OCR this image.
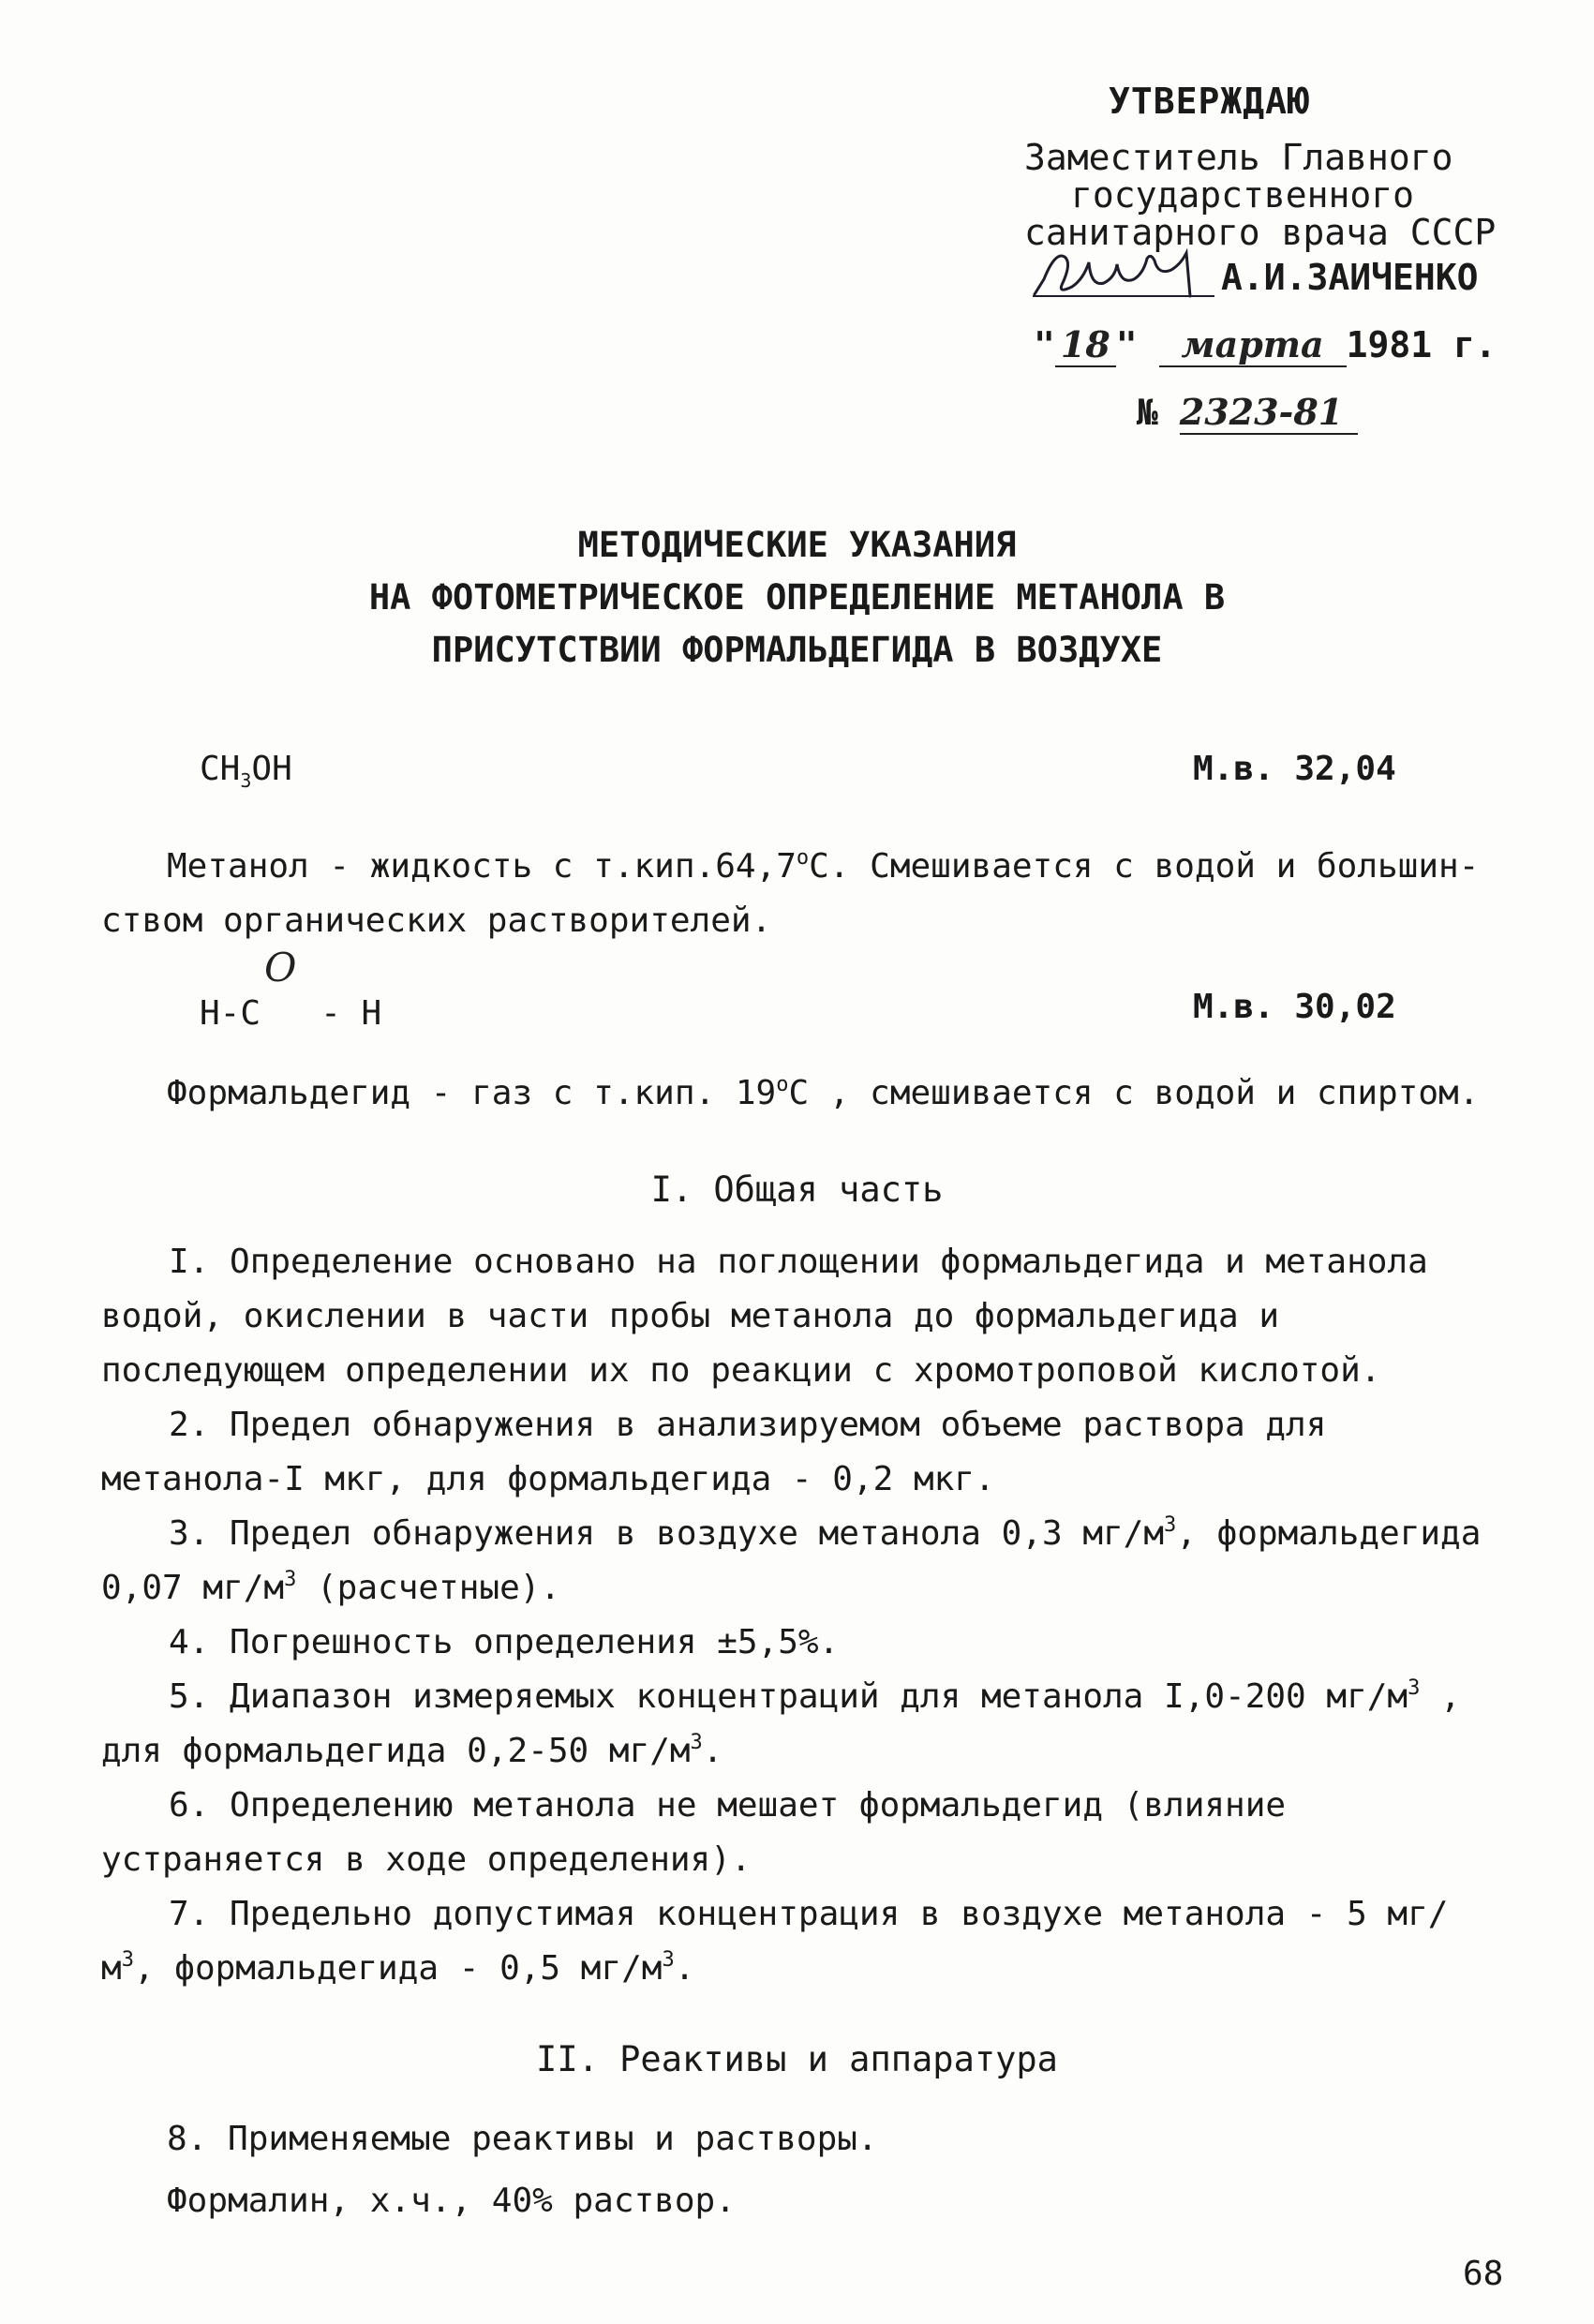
УТВЕРЖДАЮ
Заместитель Главного
государственного
санитарного врача СССР
А.И.ЗАИЧЕНКО
" 18 " марта 1981 г.
№ 2323-81
МЕТОДИЧЕСКИЕ УКАЗАНИЯ
НА ФОТОМЕТРИЧЕСКОЕ ОПРЕДЕЛЕНИЕ МЕТАНОЛА В
ПРИСУТСТВИИ ФОРМАЛЬДЕГИДА В ВОЗДУХЕ
$CH_3OH$	М.в. 32,04
Метанол - жидкость с т.кип.64,7$^o$С. Смешивается с водой и большин-
ством органических растворителей.
H-CO - H	М.в. 30,02
Формальдегид - газ с т.кип. 19$^o$С , смешивается с водой и спиртом.
I. Общая часть
I. Определение основано на поглощении формальдегида и метанола водой, окислении в части пробы метанола до формальдегида и последующем определении их по реакции с хромотроповой кислотой.
2. Предел обнаружения в анализируемом объеме раствора для метанола-I мкг, для формальдегида - 0,2 мкг.
3. Предел обнаружения в воздухе метанола 0,3 $мг/м^3$, формальдегида 0,07 $мг/м^3$ (расчетные).
4. Погрешность определения ±5,5%.
5. Диапазон измеряемых концентраций для метанола I,0-200 $мг/м^3$ , для формальдегида 0,2-50 $мг/м^3$.
6. Определению метанола не мешает формальдегид (влияние устраняется в ходе определения).
7. Предельно допустимая концентрация в воздухе метанола - 5 $мг/м^3$, формальдегида - 0,5 $мг/м^3$.
II. Реактивы и аппаратура
8. Применяемые реактивы и растворы.
Формалин, х.ч., 40% раствор.
68
